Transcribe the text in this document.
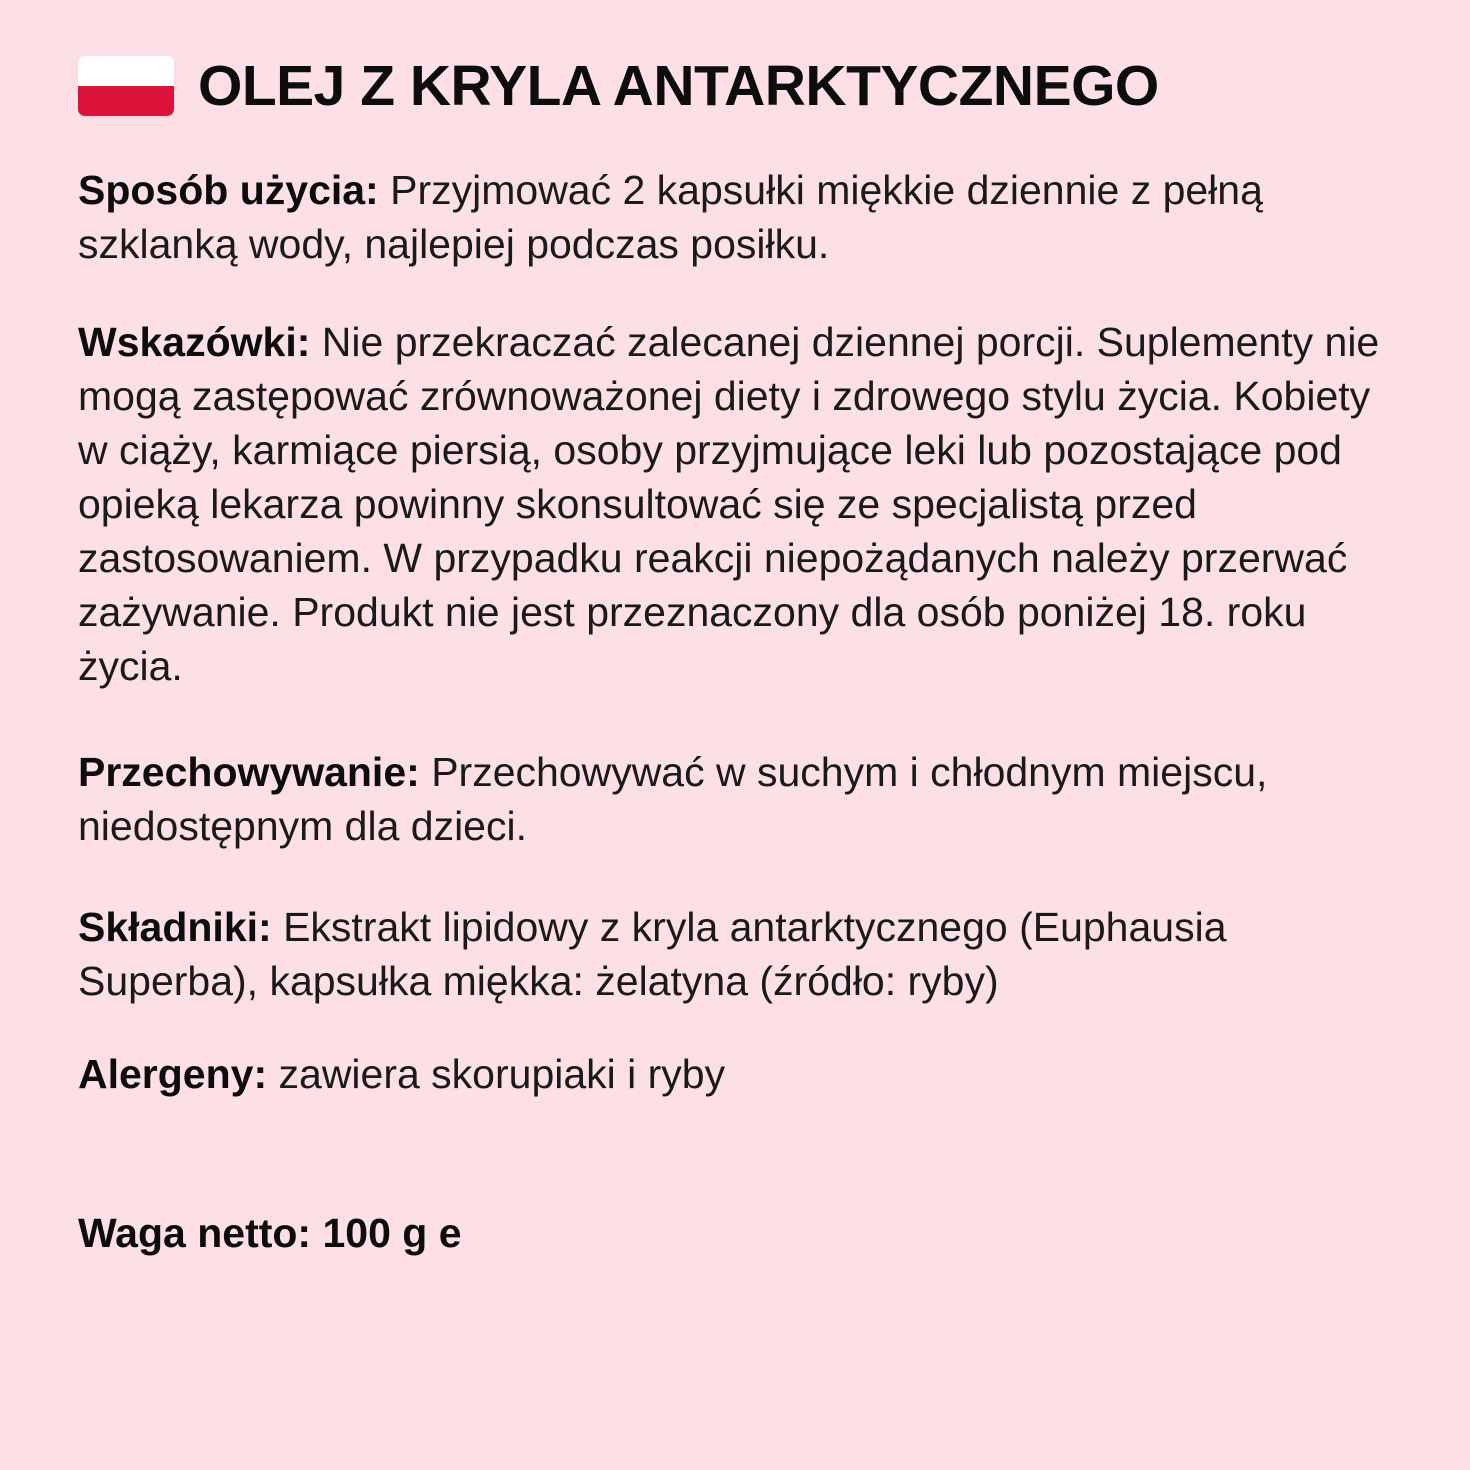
OLEJ Z KRYLA ANTARKTYCZNEGO
Sposób użycia: Przyjmować 2 kapsułki miękkie dziennie z pełną szklanką wody, najlepiej podczas posiłku.
Wskazówki: Nie przekraczać zalecanej dziennej porcji. Suplementy nie mogą zastępować zrównoważonej diety i zdrowego stylu życia. Kobiety w ciąży, karmiące piersią, osoby przyjmujące leki lub pozostające pod opieką lekarza powinny skonsultować się ze specjalistą przed zastosowaniem. W przypadku reakcji niepożądanych należy przerwać zażywanie. Produkt nie jest przeznaczony dla osób poniżej 18. roku życia.
Przechowywanie: Przechowywać w suchym i chłodnym miejscu, niedostępnym dla dzieci.
Składniki: Ekstrakt lipidowy z kryla antarktycznego (Euphausia Superba), kapsułka miękka: żelatyna (źródło: ryby)
Alergeny: zawiera skorupiaki i ryby
Waga netto: 100 g e
